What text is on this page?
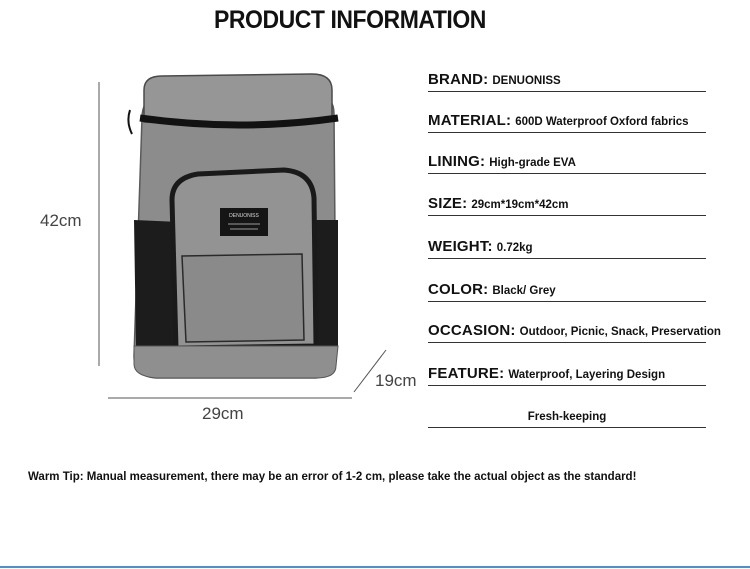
PRODUCT INFORMATION
DENUONISS
42cm
29cm
19cm
BRAND: DENUONISS
MATERIAL: 600D Waterproof Oxford fabrics
LINING: High-grade EVA
SIZE: 29cm*19cm*42cm
WEIGHT: 0.72kg
COLOR: Black/ Grey
OCCASION: Outdoor, Picnic, Snack, Preservation
FEATURE: Waterproof, Layering Design
Fresh-keeping
Warm Tip: Manual measurement, there may be an error of 1-2 cm, please take the actual object as the standard!
